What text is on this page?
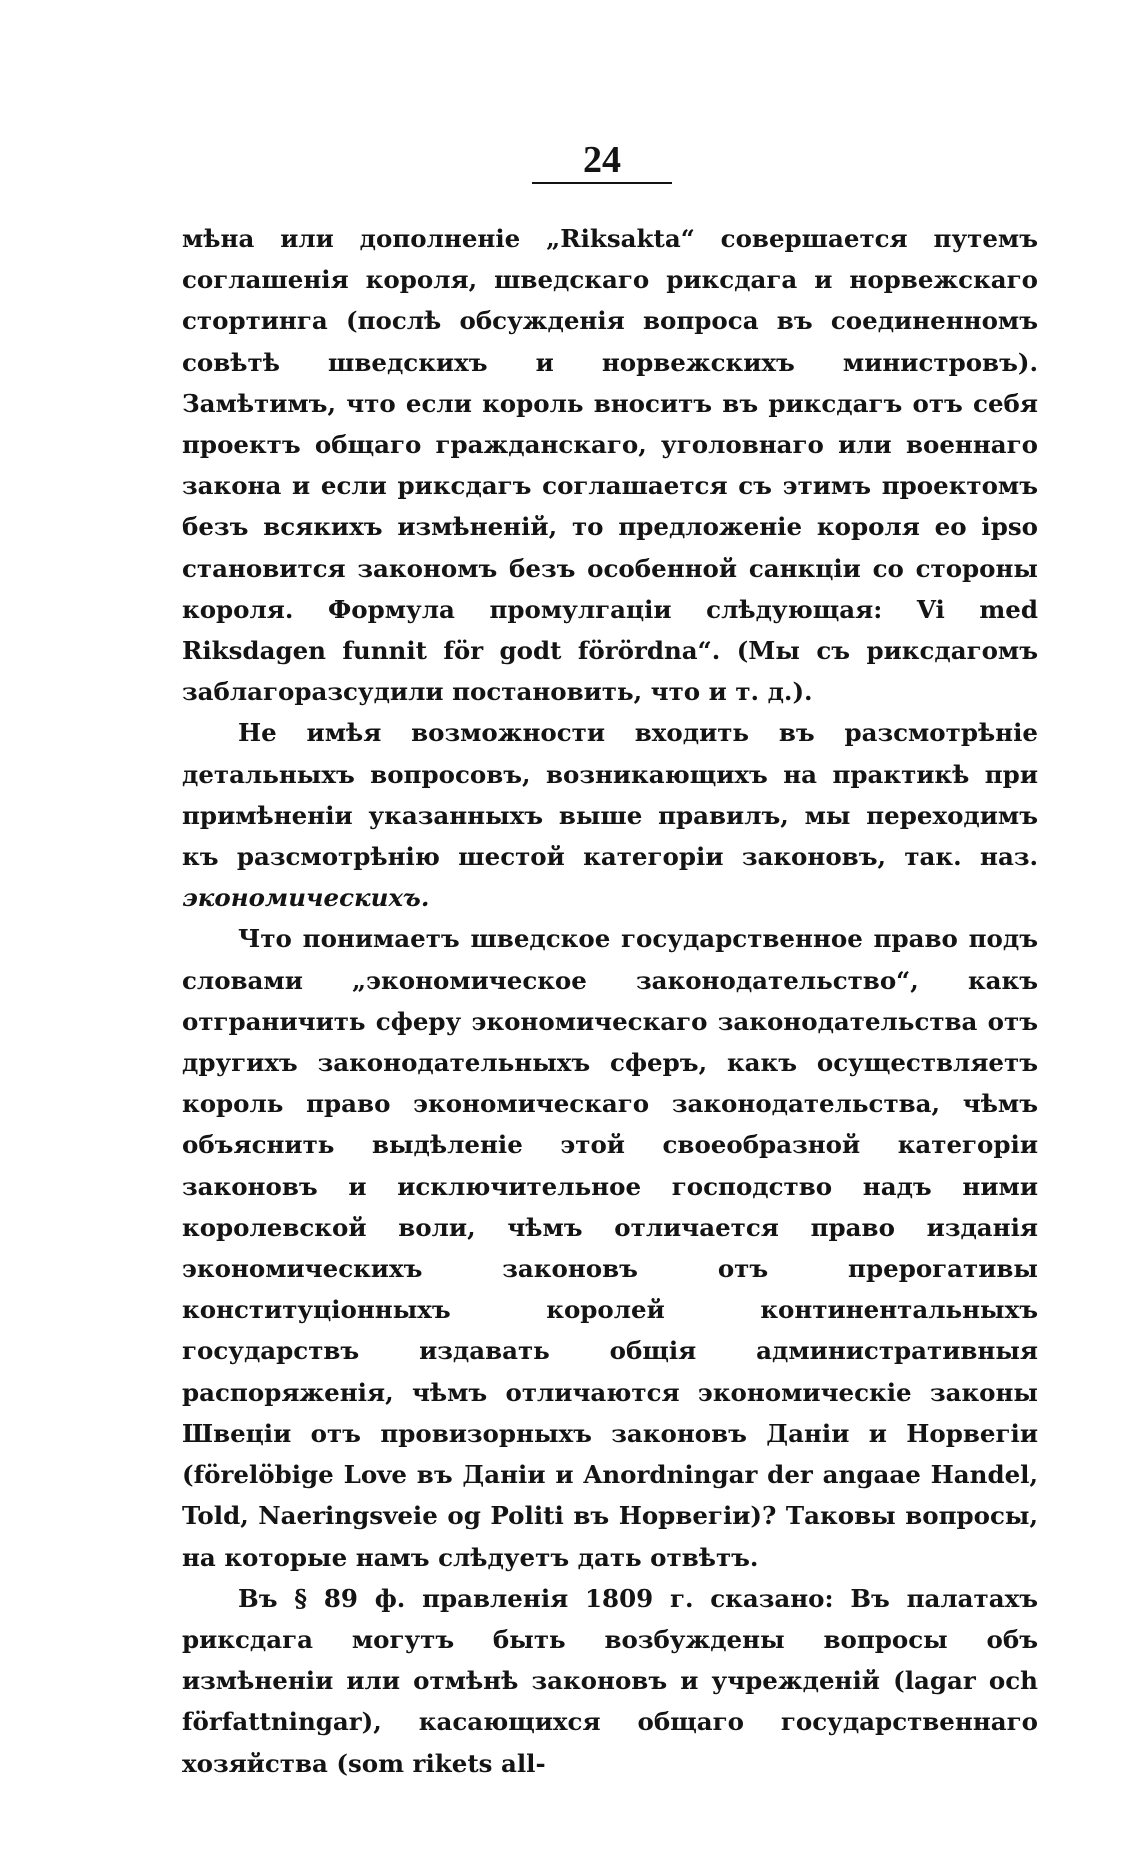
24

мѣна или дополненіе „Riksakta“ совершается путемъ соглашенія короля, шведскаго риксдага и норвежскаго стортинга (послѣ обсужденія вопроса въ соединенномъ совѣтѣ шведскихъ и норвежскихъ министровъ). Замѣтимъ, что если король вноситъ въ риксдагъ отъ себя проектъ общаго гражданскаго, уголовнаго или военнаго закона и если риксдагъ соглашается съ этимъ проектомъ безъ всякихъ измѣненій, то предложеніе короля eo ipso становится закономъ безъ особенной санкціи со стороны короля. Формула промулгаціи слѣдующая: Vi med Riksdagen funnit för godt förördna“. (Мы съ риксдагомъ заблагоразсудили постановить, что и т. д.).

Не имѣя возможности входить въ разсмотрѣніе детальныхъ вопросовъ, возникающихъ на практикѣ при примѣненіи указанныхъ выше правилъ, мы переходимъ къ разсмотрѣнію шестой категоріи законовъ, так. наз. экономическихъ.

Что понимаетъ шведское государственное право подъ словами „экономическое законодательство“, какъ отграничить сферу экономическаго законодательства отъ другихъ законодательныхъ сферъ, какъ осуществляетъ король право экономическаго законодательства, чѣмъ объяснить выдѣленіе этой своеобразной категоріи законовъ и исключительное господство надъ ними королевской воли, чѣмъ отличается право изданія экономическихъ законовъ отъ прерогативы конституціонныхъ королей континентальныхъ государствъ издавать общія административныя распоряженія, чѣмъ отличаются экономическіе законы Швеціи отъ провизорныхъ законовъ Даніи и Норвегіи (förelöbige Love въ Даніи и Anordningar der angaae Handel, Told, Naeringsveie og Politi въ Норвегіи)? Таковы вопросы, на которые намъ слѣдуетъ дать отвѣтъ.

Въ § 89 ф. правленія 1809 г. сказано: Въ палатахъ риксдага могутъ быть возбуждены вопросы объ измѣненіи или отмѣнѣ законовъ и учрежденій (lagar och författningar), касающихся общаго государственнаго хозяйства (som rikets all-
